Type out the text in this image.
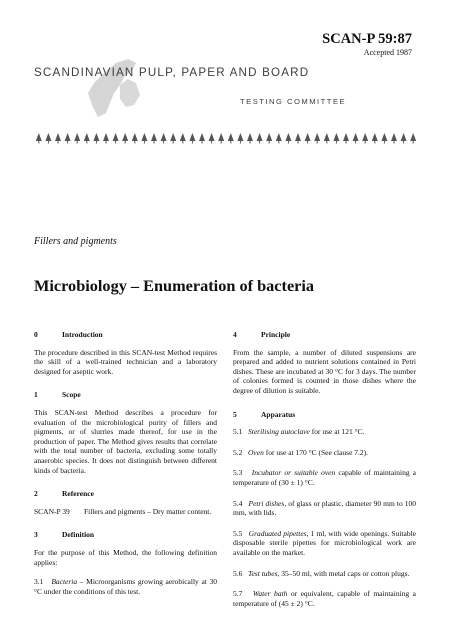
SCAN-P 59:87
Accepted 1987
SCANDINAVIAN PULP, PAPER AND BOARD
TESTING COMMITTEE
Fillers and pigments
Microbiology – Enumeration of bacteria

0	Introduction

The procedure described in this SCAN-test Method requires the skill of a well-trained technician and a laboratory designed for aseptic work.

1	Scope

This SCAN-test Method describes a procedure for evaluation of the microbiological purity of fillers and pigments, or of slurries made thereof, for use in the production of paper. The Method gives results that correlate with the total number of bacteria, excluding some totally anaerobic species. It does not distinguish between different kinds of bacteria.

2	Reference

SCAN-P 39	Fillers and pigments – Dry matter content.

3	Definition

For the purpose of this Method, the following definition applies:

3.1 Bacteria – Microorganisms growing aerobically at 30 °C under the conditions of this test.

4	Principle

From the sample, a number of diluted suspensions are prepared and added to nutrient solutions contained in Petri dishes. These are incubated at 30 °C for 3 days. The number of colonies formed is counted in those dishes where the degree of dilution is suitable.

5	Apparatus

5.1 Sterilising autoclave for use at 121 °C.

5.2 Oven for use at 170 °C (See clause 7.2).

5.3 Incubator or suitable oven capable of maintaining a temperature of (30 ± 1) °C.

5.4 Petri dishes, of glass or plastic, diameter 90 mm to 100 mm, with lids.

5.5 Graduated pipettes, 1 ml, with wide openings. Suitable disposable sterile pipettes for microbiological work are available on the market.

5.6 Test tubes, 35–50 ml, with metal caps or cotton plugs.

5.7 Water bath or equivalent, capable of maintaining a temperature of (45 ± 2) °C.
